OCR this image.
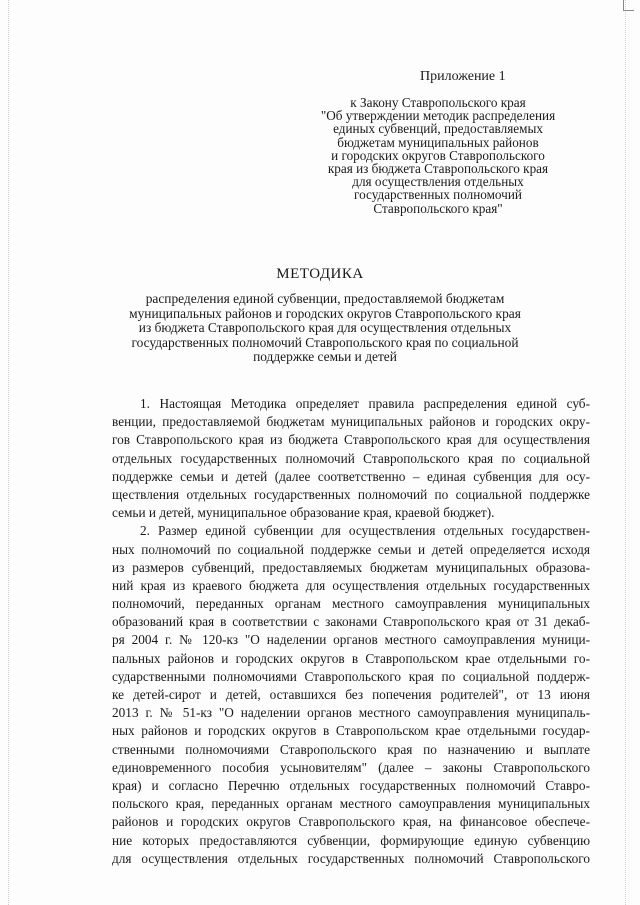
Приложение 1
к Закону Ставропольского края
"Об утверждении методик распределения
единых субвенций, предоставляемых
бюджетам муниципальных районов
и городских округов Ставропольского
края из бюджета Ставропольского края
для осуществления отдельных
государственных полномочий
Ставропольского края"
МЕТОДИКА
распределения единой субвенции, предоставляемой бюджетам
муниципальных районов и городских округов Ставропольского края
из бюджета Ставропольского края для осуществления отдельных
государственных полномочий Ставропольского края по социальной
поддержке семьи и детей
1. Настоящая Методика определяет правила распределения единой суб-
венции, предоставляемой бюджетам муниципальных районов и городских окру-
гов Ставропольского края из бюджета Ставропольского края для осуществления
отдельных государственных полномочий Ставропольского края по социальной
поддержке семьи и детей (далее соответственно – единая субвенция для осу-
ществления отдельных государственных полномочий по социальной поддержке
семьи и детей, муниципальное образование края, краевой бюджет).
2. Размер единой субвенции для осуществления отдельных государствен-
ных полномочий по социальной поддержке семьи и детей определяется исходя
из размеров субвенций, предоставляемых бюджетам муниципальных образова-
ний края из краевого бюджета для осуществления отдельных государственных
полномочий, переданных органам местного самоуправления муниципальных
образований края в соответствии с законами Ставропольского края от 31 декаб-
ря 2004 г. № 120-кз "О наделении органов местного самоуправления муници-
пальных районов и городских округов в Ставропольском крае отдельными го-
сударственными полномочиями Ставропольского края по социальной поддерж-
ке детей-сирот и детей, оставшихся без попечения родителей", от 13 июня
2013 г. № 51-кз "О наделении органов местного самоуправления муниципаль-
ных районов и городских округов в Ставропольском крае отдельными государ-
ственными полномочиями Ставропольского края по назначению и выплате
единовременного пособия усыновителям" (далее – законы Ставропольского
края) и согласно Перечню отдельных государственных полномочий Ставро-
польского края, переданных органам местного самоуправления муниципальных
районов и городских округов Ставропольского края, на финансовое обеспече-
ние которых предоставляются субвенции, формирующие единую субвенцию
для осуществления отдельных государственных полномочий Ставропольского
